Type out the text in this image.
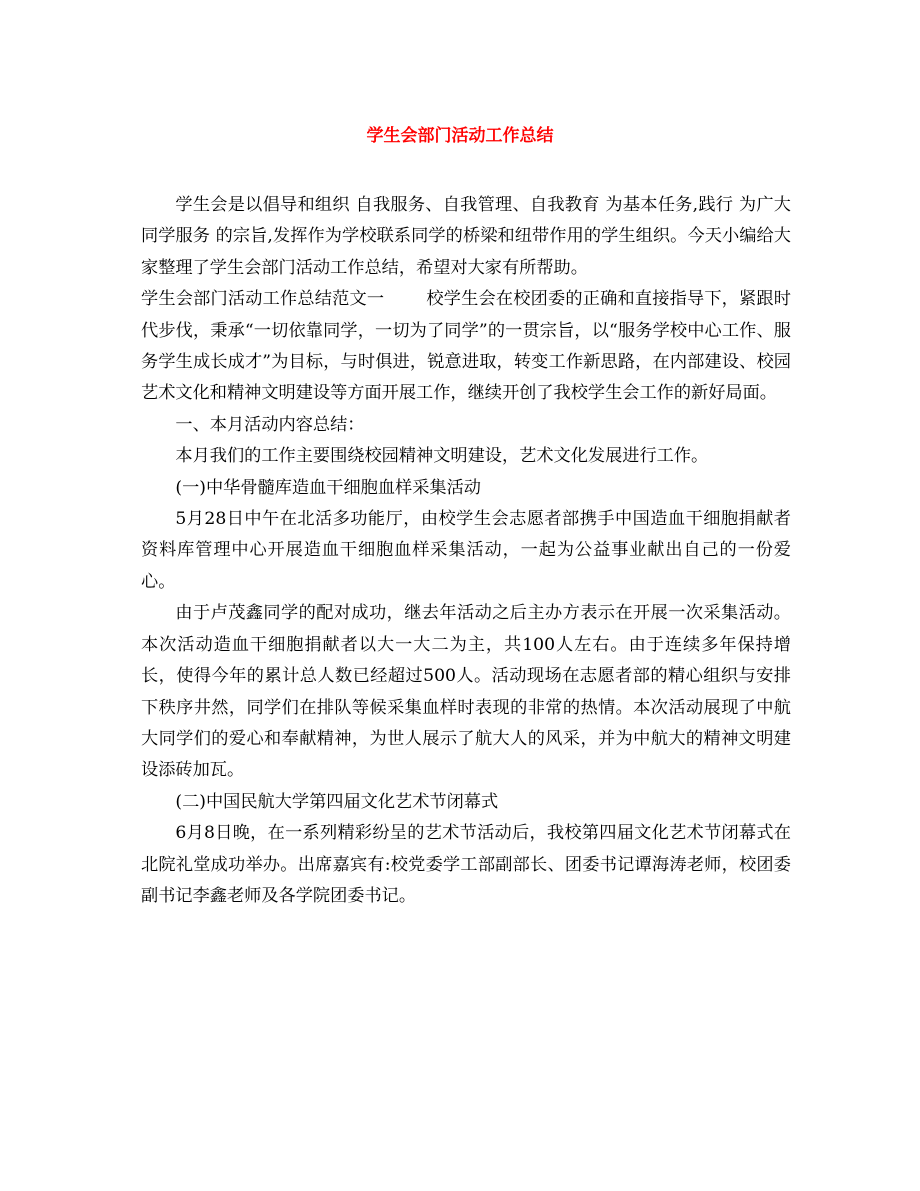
学生会部门活动工作总结

学生会是以倡导和组织 自我服务、自我管理、自我教育 为基本任务,践行 为广大同学服务 的宗旨,发挥作为学校联系同学的桥梁和纽带作用的学生组织。今天小编给大家整理了学生会部门活动工作总结，希望对大家有所帮助。

学生会部门活动工作总结范文一 校学生会在校团委的正确和直接指导下，紧跟时代步伐，秉承“一切依靠同学，一切为了同学”的一贯宗旨，以“服务学校中心工作、服务学生成长成才”为目标，与时俱进，锐意进取，转变工作新思路，在内部建设、校园艺术文化和精神文明建设等方面开展工作，继续开创了我校学生会工作的新好局面。

一、本月活动内容总结：

本月我们的工作主要围绕校园精神文明建设，艺术文化发展进行工作。

(一)中华骨髓库造血干细胞血样采集活动

5月28日中午在北活多功能厅，由校学生会志愿者部携手中国造血干细胞捐献者资料库管理中心开展造血干细胞血样采集活动，一起为公益事业献出自己的一份爱心。

由于卢茂鑫同学的配对成功，继去年活动之后主办方表示在开展一次采集活动。本次活动造血干细胞捐献者以大一大二为主，共100人左右。由于连续多年保持增长，使得今年的累计总人数已经超过500人。活动现场在志愿者部的精心组织与安排下秩序井然，同学们在排队等候采集血样时表现的非常的热情。本次活动展现了中航大同学们的爱心和奉献精神，为世人展示了航大人的风采，并为中航大的精神文明建设添砖加瓦。

(二)中国民航大学第四届文化艺术节闭幕式

6月8日晚，在一系列精彩纷呈的艺术节活动后，我校第四届文化艺术节闭幕式在北院礼堂成功举办。出席嘉宾有:校党委学工部副部长、团委书记谭海涛老师，校团委副书记李鑫老师及各学院团委书记。
